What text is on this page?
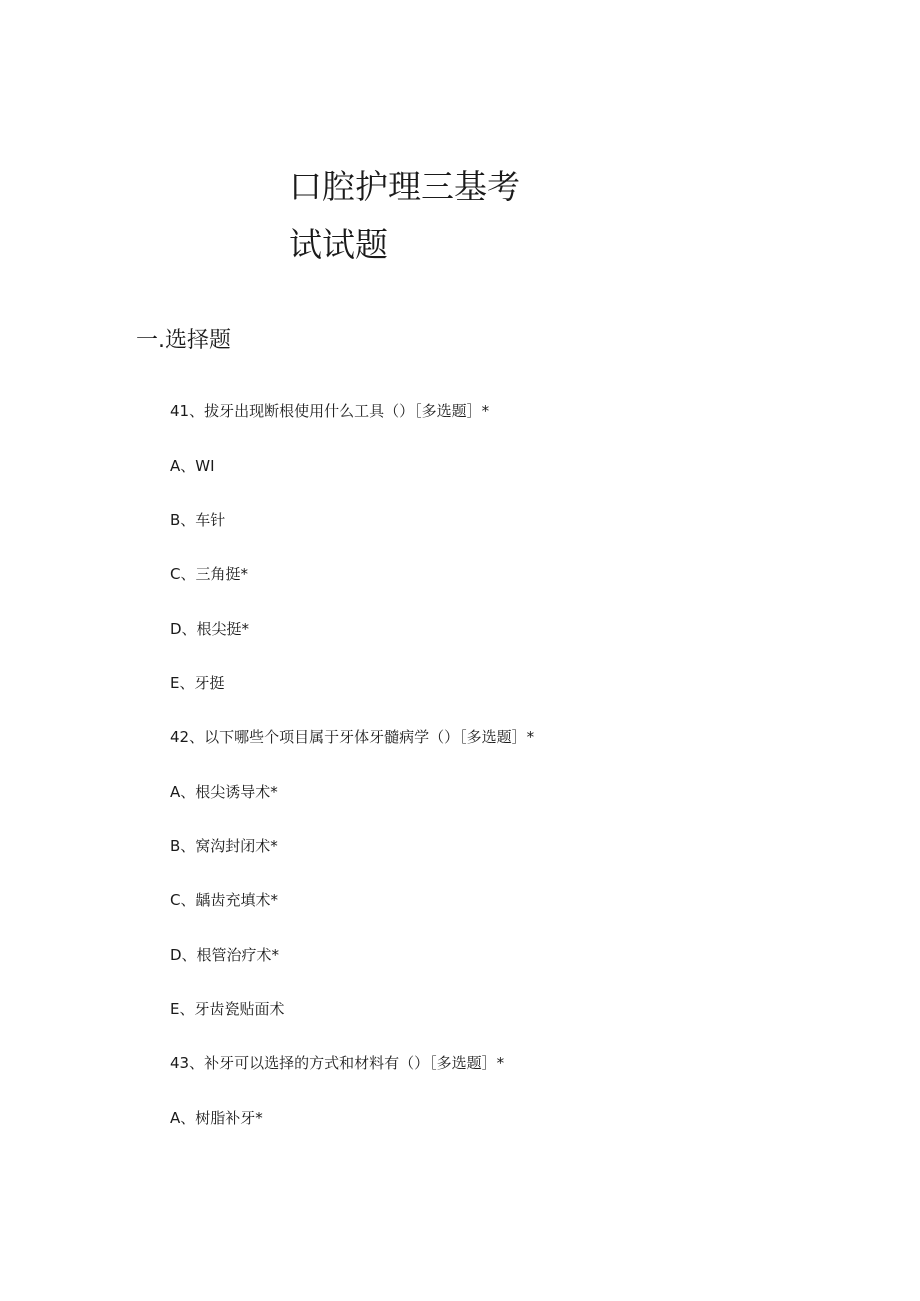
口腔护理三基考
试试题
一.选择题
41、拔牙出现断根使用什么工具（）［多选题］*
A、WI
B、车针
C、三角挺*
D、根尖挺*
E、牙挺
42、以下哪些个项目属于牙体牙髓病学（）［多选题］*
A、根尖诱导术*
B、窝沟封闭术*
C、龋齿充填术*
D、根管治疗术*
E、牙齿瓷贴面术
43、补牙可以选择的方式和材料有（）［多选题］*
A、树脂补牙*
